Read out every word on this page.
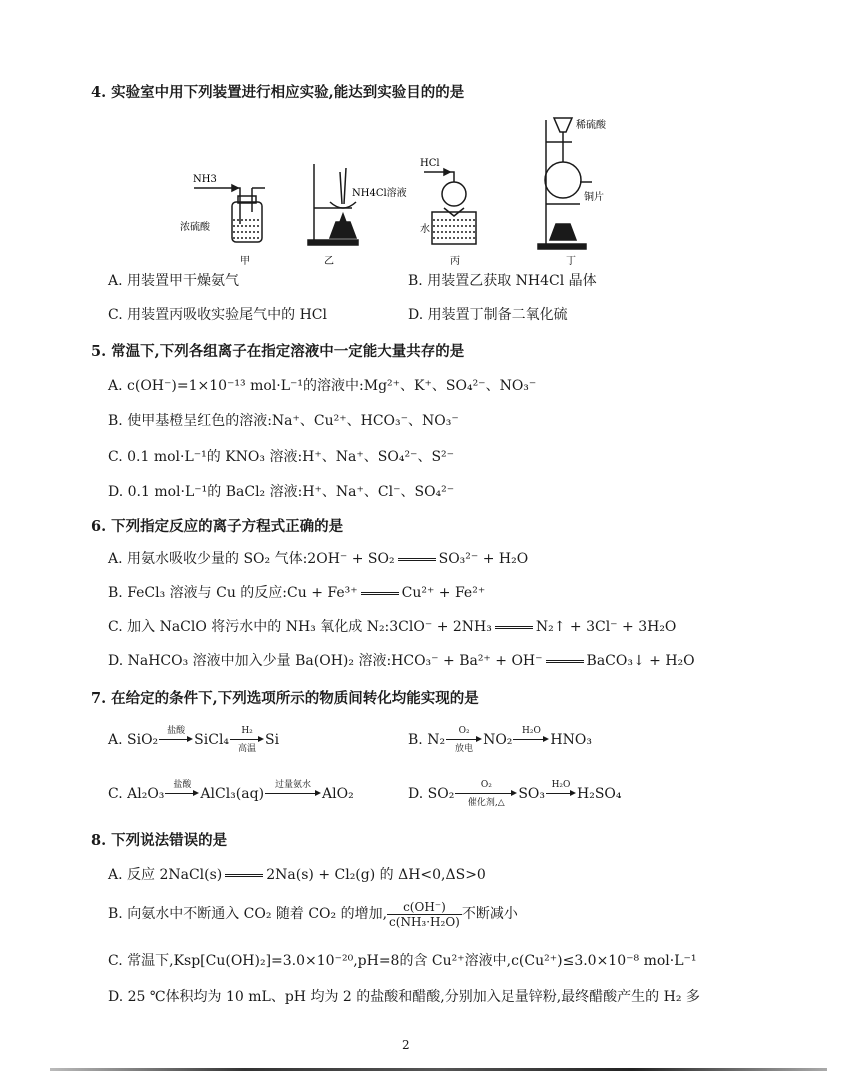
4. 实验室中用下列装置进行相应实验,能达到实验目的的是
NH3
浓硫酸
甲
NH4Cl溶液
乙
HCl
水
丙
稀硫酸
铜片
丁
A. 用装置甲干燥氨气	B. 用装置乙获取 NH4Cl 晶体
C. 用装置丙吸收实验尾气中的 HCl	D. 用装置丁制备二氧化硫
5. 常温下,下列各组离子在指定溶液中一定能大量共存的是
A. c(OH⁻)=1×10⁻¹³ mol·L⁻¹的溶液中:Mg²⁺、K⁺、SO₄²⁻、NO₃⁻
B. 使甲基橙呈红色的溶液:Na⁺、Cu²⁺、HCO₃⁻、NO₃⁻
C. 0.1 mol·L⁻¹的 KNO₃ 溶液:H⁺、Na⁺、SO₄²⁻、S²⁻
D. 0.1 mol·L⁻¹的 BaCl₂ 溶液:H⁺、Na⁺、Cl⁻、SO₄²⁻
6. 下列指定反应的离子方程式正确的是
A. 用氨水吸收少量的 SO₂ 气体:2OH⁻ + SO₂	SO₃²⁻ + H₂O
B. FeCl₃ 溶液与 Cu 的反应:Cu + Fe³⁺	Cu²⁺ + Fe²⁺
C. 加入 NaClO 将污水中的 NH₃ 氧化成 N₂:3ClO⁻ + 2NH₃	N₂↑ + 3Cl⁻ + 3H₂O
D. NaHCO₃ 溶液中加入少量 Ba(OH)₂ 溶液:HCO₃⁻ + Ba²⁺ + OH⁻	BaCO₃↓ + H₂O
7. 在给定的条件下,下列选项所示的物质间转化均能实现的是
A. SiO₂
盐酸
SiCl₄
H₂
高温
Si	B. N₂
O₂
放电
NO₂
H₂O
HNO₃
C. Al₂O₃
盐酸
AlCl₃(aq)
过量氨水
AlO₂	D. SO₂
O₂
催化剂,△
SO₃
H₂O
H₂SO₄
8. 下列说法错误的是
A. 反应 2NaCl(s)	2Na(s) + Cl₂(g) 的 ΔH<0,ΔS>0
B. 向氨水中不断通入 CO₂ 随着 CO₂ 的增加, $\frac{c(OH^-)}{\text{c(NH₃·H₂O)}}$ 不断减小
C. 常温下,Ksp[Cu(OH)₂]=3.0×10⁻²⁰,pH=8的含 Cu²⁺溶液中,c(Cu²⁺)≤3.0×10⁻⁸ mol·L⁻¹
D. 25 ℃体积均为 10 mL、pH 均为 2 的盐酸和醋酸,分别加入足量锌粉,最终醋酸产生的 H₂ 多
2
